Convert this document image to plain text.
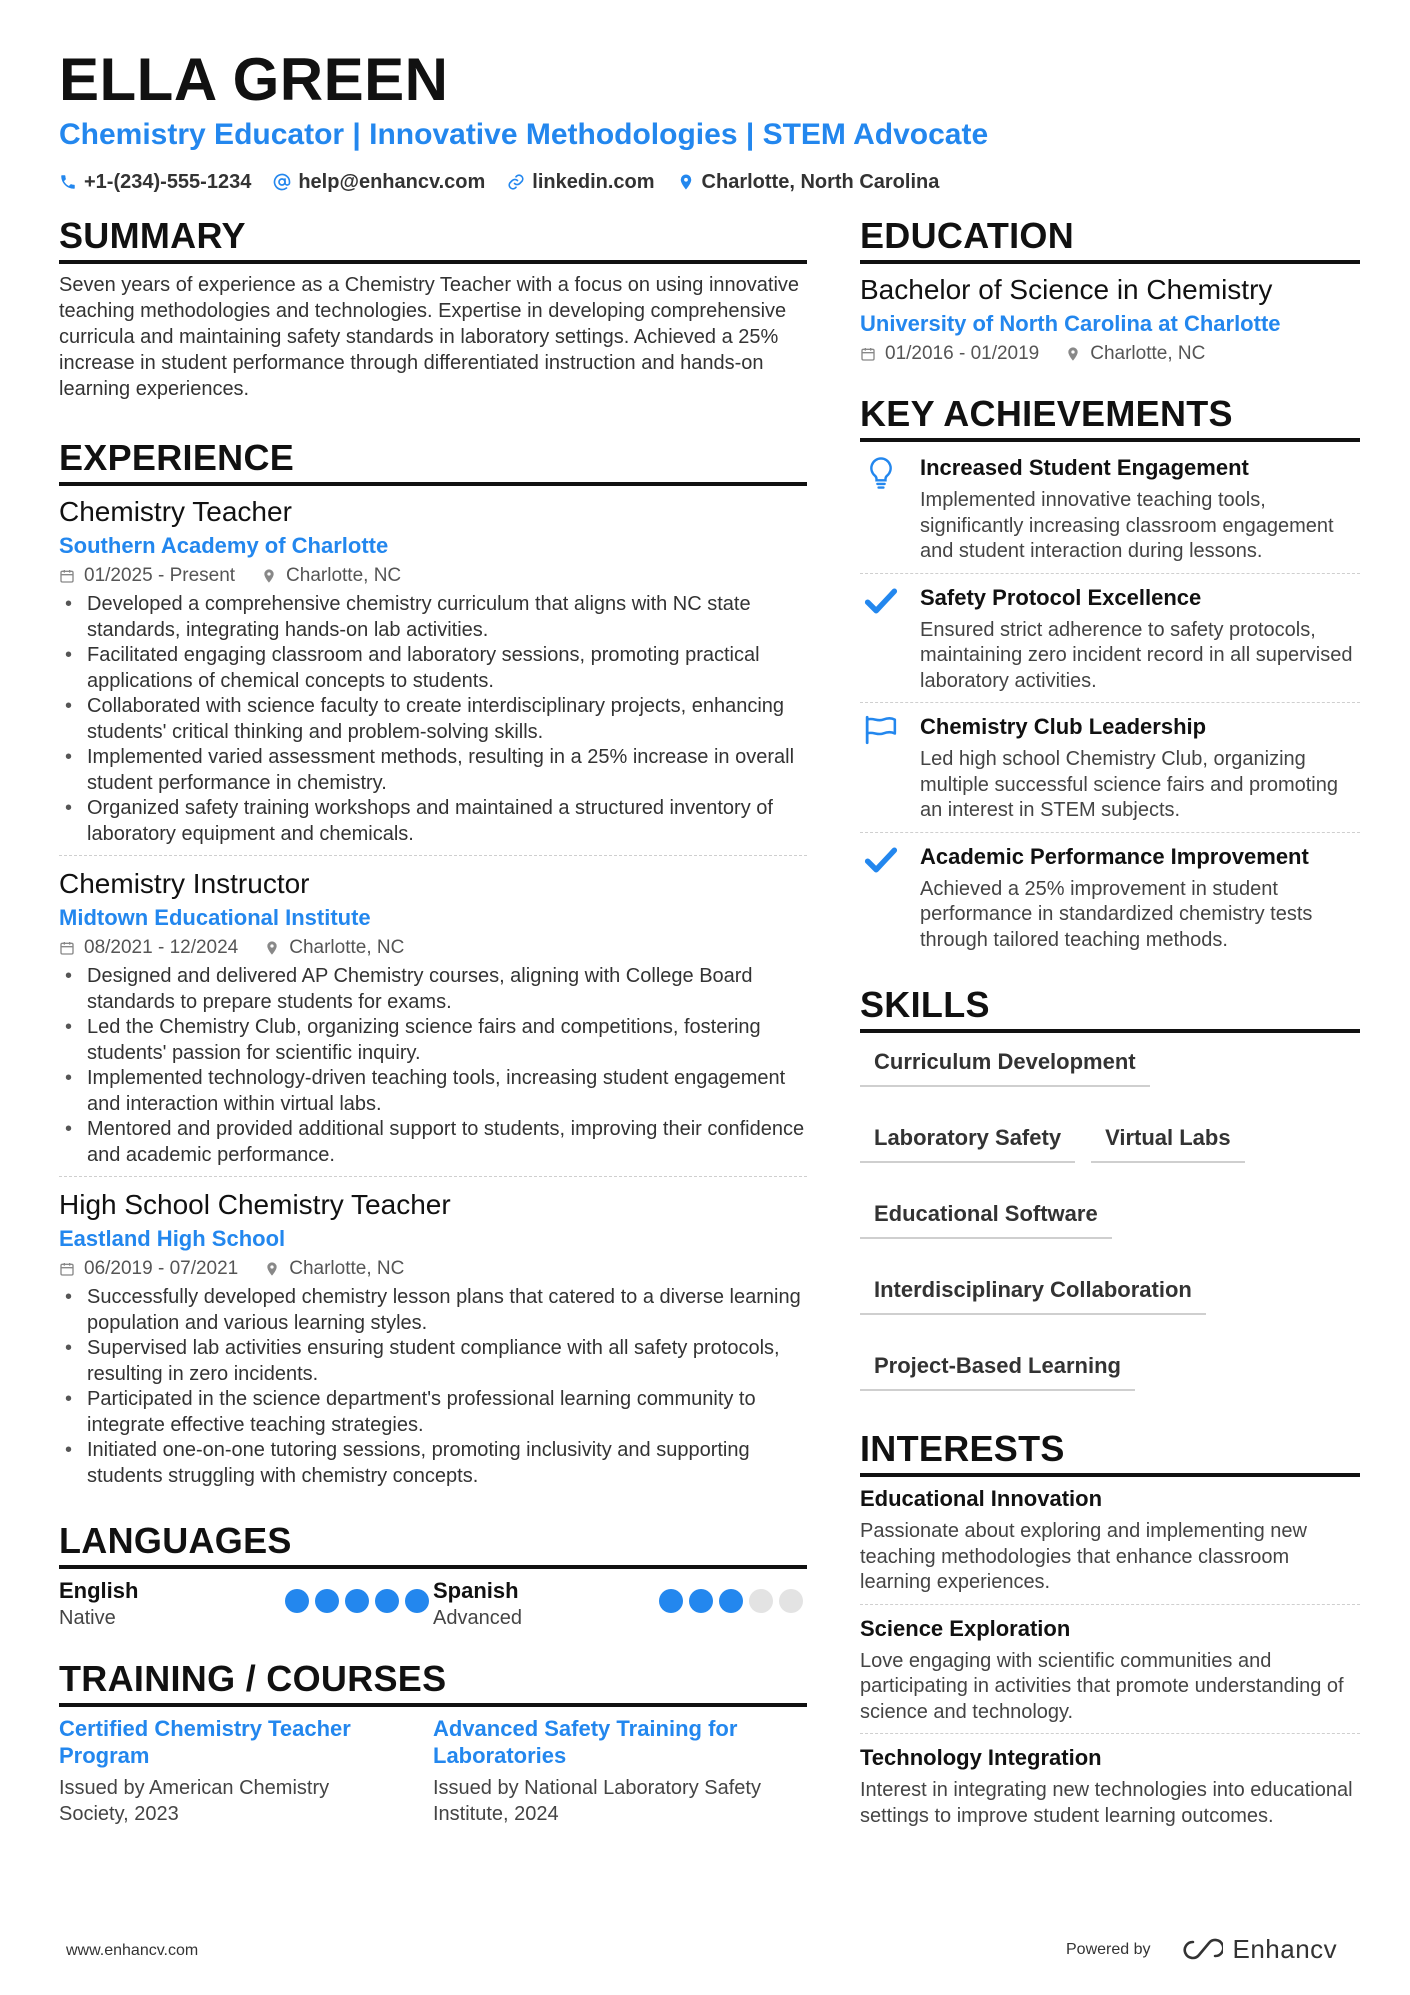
ELLA GREEN
Chemistry Educator | Innovative Methodologies | STEM Advocate
+1-(234)-555-1234 help@enhancv.com linkedin.com Charlotte, North Carolina
SUMMARY

Seven years of experience as a Chemistry Teacher with a focus on using innovative teaching methodologies and technologies. Expertise in developing comprehensive curricula and maintaining safety standards in laboratory settings. Achieved a 25% increase in student performance through differentiated instruction and hands-on learning experiences.

EXPERIENCE
Chemistry Teacher
Southern Academy of Charlotte
01/2025 - Present	Charlotte, NC
• Developed a comprehensive chemistry curriculum that aligns with NC state standards, integrating hands-on lab activities.
• Facilitated engaging classroom and laboratory sessions, promoting practical applications of chemical concepts to students.
• Collaborated with science faculty to create interdisciplinary projects, enhancing students' critical thinking and problem-solving skills.
• Implemented varied assessment methods, resulting in a 25% increase in overall student performance in chemistry.
• Organized safety training workshops and maintained a structured inventory of laboratory equipment and chemicals.
Chemistry Instructor
Midtown Educational Institute
08/2021 - 12/2024	Charlotte, NC
• Designed and delivered AP Chemistry courses, aligning with College Board standards to prepare students for exams.
• Led the Chemistry Club, organizing science fairs and competitions, fostering students' passion for scientific inquiry.
• Implemented technology-driven teaching tools, increasing student engagement and interaction within virtual labs.
• Mentored and provided additional support to students, improving their confidence and academic performance.
High School Chemistry Teacher
Eastland High School
06/2019 - 07/2021	Charlotte, NC
• Successfully developed chemistry lesson plans that catered to a diverse learning population and various learning styles.
• Supervised lab activities ensuring student compliance with all safety protocols, resulting in zero incidents.
• Participated in the science department's professional learning community to integrate effective teaching strategies.
• Initiated one-on-one tutoring sessions, promoting inclusivity and supporting students struggling with chemistry concepts.
LANGUAGES
English
Native
Spanish
Advanced
TRAINING / COURSES
Certified Chemistry Teacher Program
Issued by American Chemistry Society, 2023
Advanced Safety Training for Laboratories
Issued by National Laboratory Safety Institute, 2024
EDUCATION
Bachelor of Science in Chemistry
University of North Carolina at Charlotte
01/2016 - 01/2019	Charlotte, NC
KEY ACHIEVEMENTS
Increased Student Engagement
Implemented innovative teaching tools, significantly increasing classroom engagement and student interaction during lessons.
Safety Protocol Excellence
Ensured strict adherence to safety protocols, maintaining zero incident record in all supervised laboratory activities.
Chemistry Club Leadership
Led high school Chemistry Club, organizing multiple successful science fairs and promoting an interest in STEM subjects.
Academic Performance Improvement
Achieved a 25% improvement in student performance in standardized chemistry tests through tailored teaching methods.
SKILLS
Curriculum Development
Laboratory Safety	Virtual Labs
Educational Software
Interdisciplinary Collaboration
Project-Based Learning
INTERESTS
Educational Innovation
Passionate about exploring and implementing new teaching methodologies that enhance classroom learning experiences.
Science Exploration
Love engaging with scientific communities and participating in activities that promote understanding of science and technology.
Technology Integration
Interest in integrating new technologies into educational settings to improve student learning outcomes.
www.enhancv.com	Powered by	Enhancv
